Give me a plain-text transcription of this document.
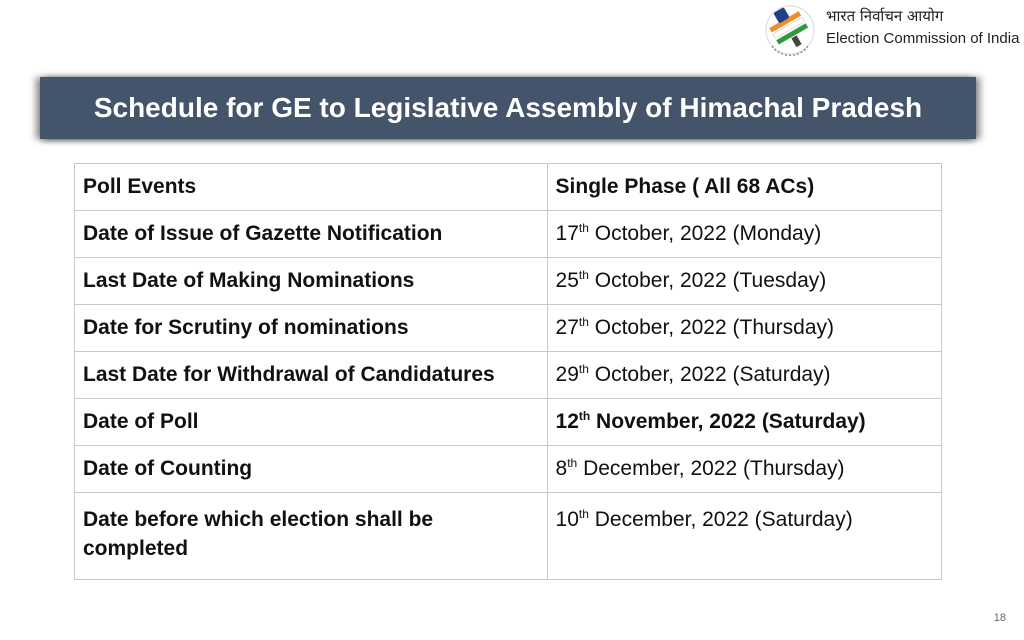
भारत निर्वाचन आयोग
Election Commission of India
Schedule for GE to Legislative Assembly of Himachal Pradesh
Poll Events	Single Phase ( All 68 ACs)
Date of Issue of Gazette Notification	17th October, 2022 (Monday)
Last Date of Making Nominations	25th October, 2022 (Tuesday)
Date for Scrutiny of nominations	27th October, 2022 (Thursday)
Last Date for Withdrawal of Candidatures	29th October, 2022 (Saturday)
Date of Poll	12th November, 2022 (Saturday)
Date of Counting	8th December, 2022 (Thursday)
Date before which election shall be completed	10th December, 2022 (Saturday)
18
